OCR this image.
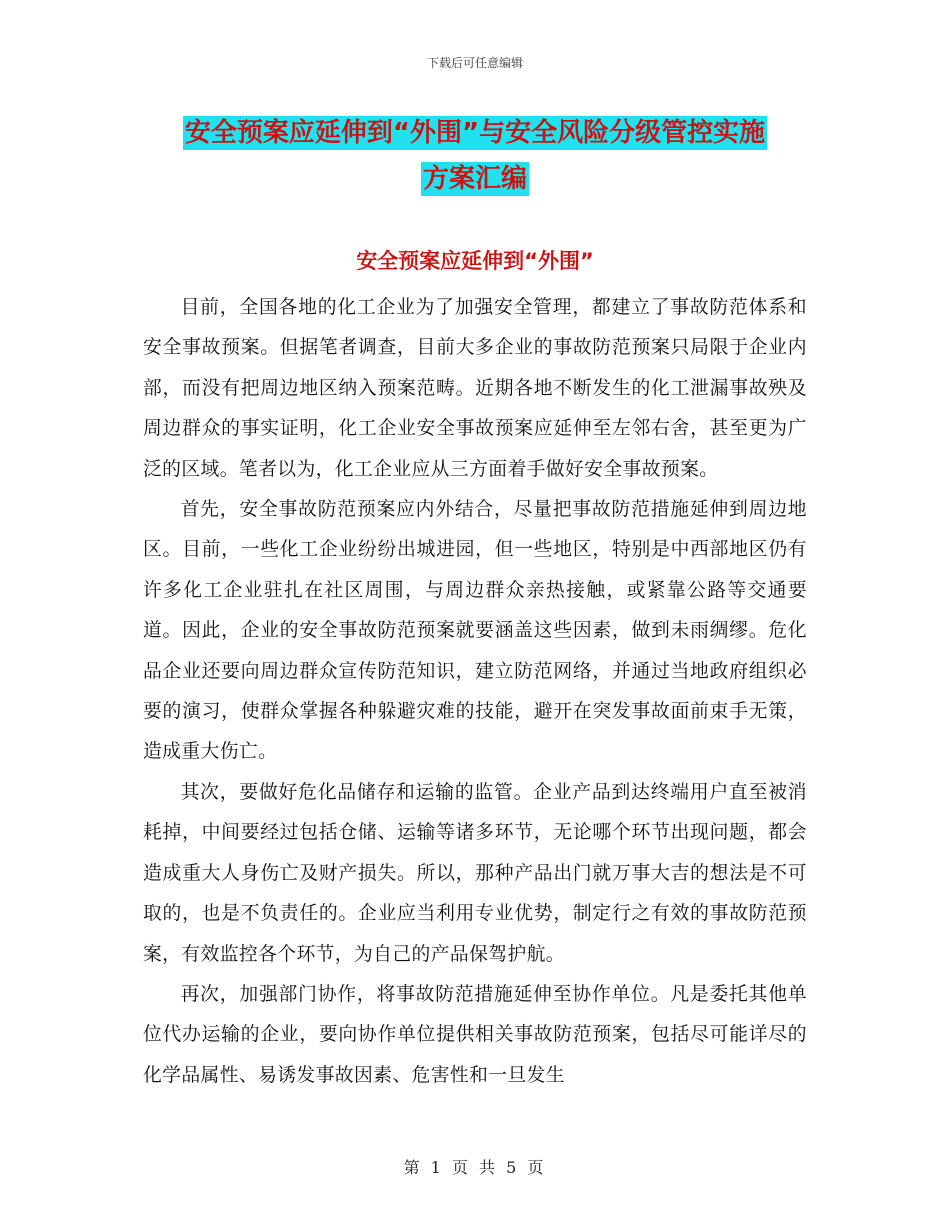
下载后可任意编辑
安全预案应延伸到“外围”与安全风险分级管控实施
方案汇编
安全预案应延伸到“外围”

目前，全国各地的化工企业为了加强安全管理，都建立了事故防范体系和安全事故预案。但据笔者调查，目前大多企业的事故防范预案只局限于企业内部，而没有把周边地区纳入预案范畴。近期各地不断发生的化工泄漏事故殃及周边群众的事实证明，化工企业安全事故预案应延伸至左邻右舍，甚至更为广泛的区域。笔者以为，化工企业应从三方面着手做好安全事故预案。

首先，安全事故防范预案应内外结合，尽量把事故防范措施延伸到周边地区。目前，一些化工企业纷纷出城进园，但一些地区，特别是中西部地区仍有许多化工企业驻扎在社区周围，与周边群众亲热接触，或紧靠公路等交通要道。因此，企业的安全事故防范预案就要涵盖这些因素，做到未雨绸缪。危化品企业还要向周边群众宣传防范知识，建立防范网络，并通过当地政府组织必要的演习，使群众掌握各种躲避灾难的技能，避开在突发事故面前束手无策，造成重大伤亡。

其次，要做好危化品储存和运输的监管。企业产品到达终端用户直至被消耗掉，中间要经过包括仓储、运输等诸多环节，无论哪个环节出现问题，都会造成重大人身伤亡及财产损失。所以，那种产品出门就万事大吉的想法是不可取的，也是不负责任的。企业应当利用专业优势，制定行之有效的事故防范预案，有效监控各个环节，为自己的产品保驾护航。

再次，加强部门协作，将事故防范措施延伸至协作单位。凡是委托其他单位代办运输的企业，要向协作单位提供相关事故防范预案，包括尽可能详尽的化学品属性、易诱发事故因素、危害性和一旦发生

第 1 页 共 5 页
